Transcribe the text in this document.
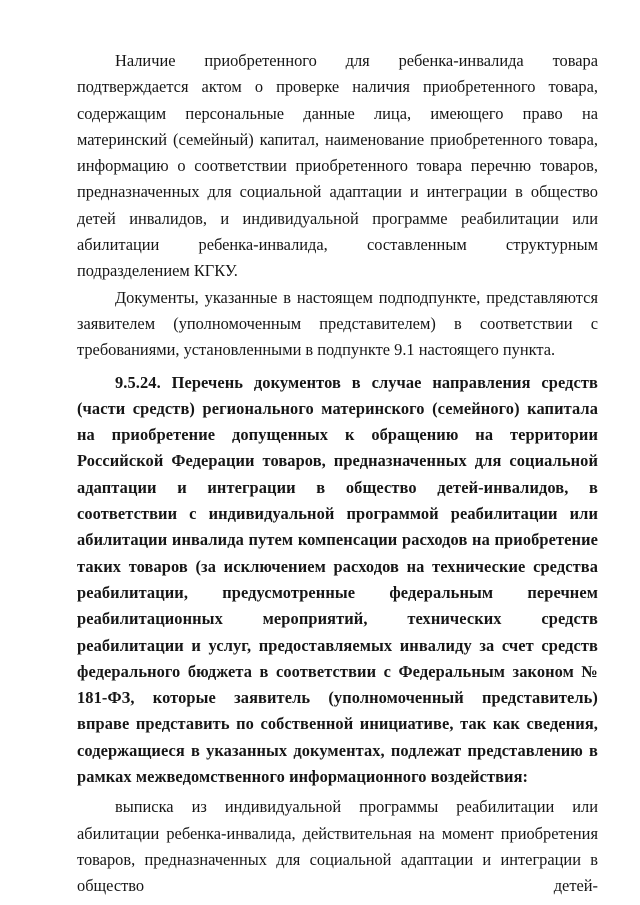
Наличие приобретенного для ребенка-инвалида товара подтверждается актом о проверке наличия приобретенного товара, содержащим персональные данные лица, имеющего право на материнский (семейный) капитал, наименование приобретенного товара, информацию о соответствии приобретенного товара перечню товаров, предназначенных для социальной адаптации и интеграции в общество детей инвалидов, и индивидуальной программе реабилитации или абилитации ребенка-инвалида, составленным структурным подразделением КГКУ.

Документы, указанные в настоящем подподпункте, представляются заявителем (уполномоченным представителем) в соответствии с требованиями, установленными в подпункте 9.1 настоящего пункта.

9.5.24. Перечень документов в случае направления средств (части средств) регионального материнского (семейного) капитала на приобретение допущенных к обращению на территории Российской Федерации товаров, предназначенных для социальной адаптации и интеграции в общество детей-инвалидов, в соответствии с индивидуальной программой реабилитации или абилитации инвалида путем компенсации расходов на приобретение таких товаров (за исключением расходов на технические средства реабилитации, предусмотренные федеральным перечнем реабилитационных мероприятий, технических средств реабилитации и услуг, предоставляемых инвалиду за счет средств федерального бюджета в соответствии с Федеральным законом № 181-ФЗ, которые заявитель (уполномоченный представитель) вправе представить по собственной инициативе, так как сведения, содержащиеся в указанных документах, подлежат представлению в рамках межведомственного информационного воздействия:

выписка из индивидуальной программы реабилитации или абилитации ребенка-инвалида, действительная на момент приобретения товаров, предназначенных для социальной адаптации и интеграции в общество детей-
